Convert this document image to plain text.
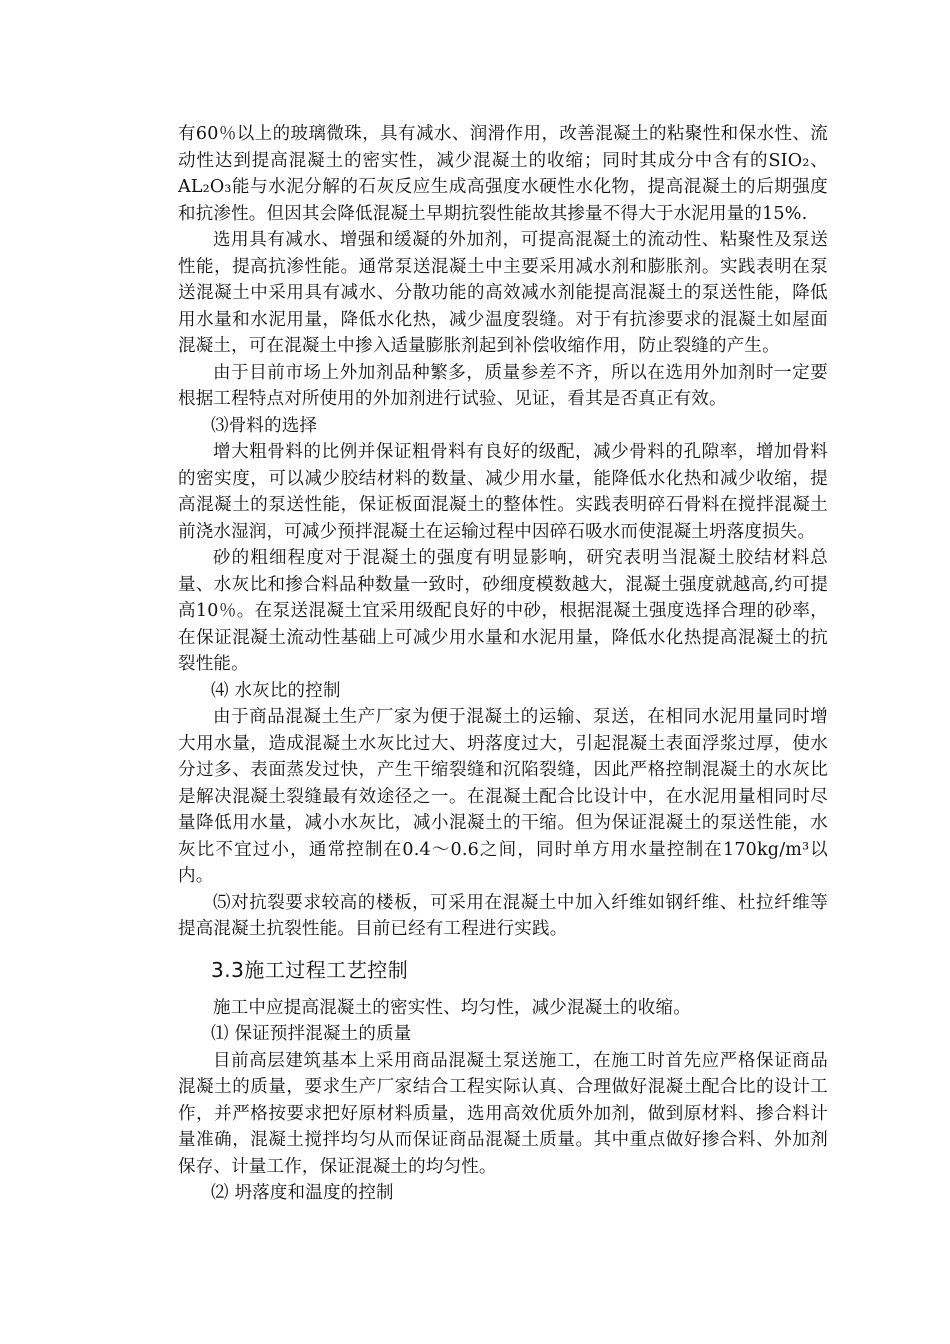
有60％以上的玻璃微珠，具有减水、润滑作用，改善混凝土的粘聚性和保水性、流动性达到提高混凝土的密实性，减少混凝土的收缩；同时其成分中含有的SIO₂、AL₂O₃能与水泥分解的石灰反应生成高强度水硬性水化物，提高混凝土的后期强度和抗渗性。但因其会降低混凝土早期抗裂性能故其掺量不得大于水泥用量的15%.

选用具有减水、增强和缓凝的外加剂，可提高混凝土的流动性、粘聚性及泵送性能，提高抗渗性能。通常泵送混凝土中主要采用减水剂和膨胀剂。实践表明在泵送混凝土中采用具有减水、分散功能的高效减水剂能提高混凝土的泵送性能，降低用水量和水泥用量，降低水化热，减少温度裂缝。对于有抗渗要求的混凝土如屋面混凝土，可在混凝土中掺入适量膨胀剂起到补偿收缩作用，防止裂缝的产生。

由于目前市场上外加剂品种繁多，质量参差不齐，所以在选用外加剂时一定要根据工程特点对所使用的外加剂进行试验、见证，看其是否真正有效。

⑶骨料的选择

增大粗骨料的比例并保证粗骨料有良好的级配，减少骨料的孔隙率，增加骨料的密实度，可以减少胶结材料的数量、减少用水量，能降低水化热和减少收缩，提高混凝土的泵送性能，保证板面混凝土的整体性。实践表明碎石骨料在搅拌混凝土前浇水湿润，可减少预拌混凝土在运输过程中因碎石吸水而使混凝土坍落度损失。

砂的粗细程度对于混凝土的强度有明显影响，研究表明当混凝土胶结材料总量、水灰比和掺合料品种数量一致时，砂细度模数越大，混凝土强度就越高,约可提高10％。在泵送混凝土宜采用级配良好的中砂，根据混凝土强度选择合理的砂率，在保证混凝土流动性基础上可减少用水量和水泥用量，降低水化热提高混凝土的抗裂性能。

⑷ 水灰比的控制

由于商品混凝土生产厂家为便于混凝土的运输、泵送，在相同水泥用量同时增大用水量，造成混凝土水灰比过大、坍落度过大，引起混凝土表面浮浆过厚，使水分过多、表面蒸发过快，产生干缩裂缝和沉陷裂缝，因此严格控制混凝土的水灰比是解决混凝土裂缝最有效途径之一。在混凝土配合比设计中，在水泥用量相同时尽量降低用水量，减小水灰比，减小混凝土的干缩。但为保证混凝土的泵送性能，水灰比不宜过小，通常控制在0.4～0.6之间，同时单方用水量控制在170kg/m³以内。

⑸对抗裂要求较高的楼板，可采用在混凝土中加入纤维如钢纤维、杜拉纤维等提高混凝土抗裂性能。目前已经有工程进行实践。

3.3施工过程工艺控制

施工中应提高混凝土的密实性、均匀性，减少混凝土的收缩。

⑴ 保证预拌混凝土的质量

目前高层建筑基本上采用商品混凝土泵送施工，在施工时首先应严格保证商品混凝土的质量，要求生产厂家结合工程实际认真、合理做好混凝土配合比的设计工作，并严格按要求把好原材料质量，选用高效优质外加剂，做到原材料、掺合料计量准确，混凝土搅拌均匀从而保证商品混凝土质量。其中重点做好掺合料、外加剂保存、计量工作，保证混凝土的均匀性。

⑵ 坍落度和温度的控制
